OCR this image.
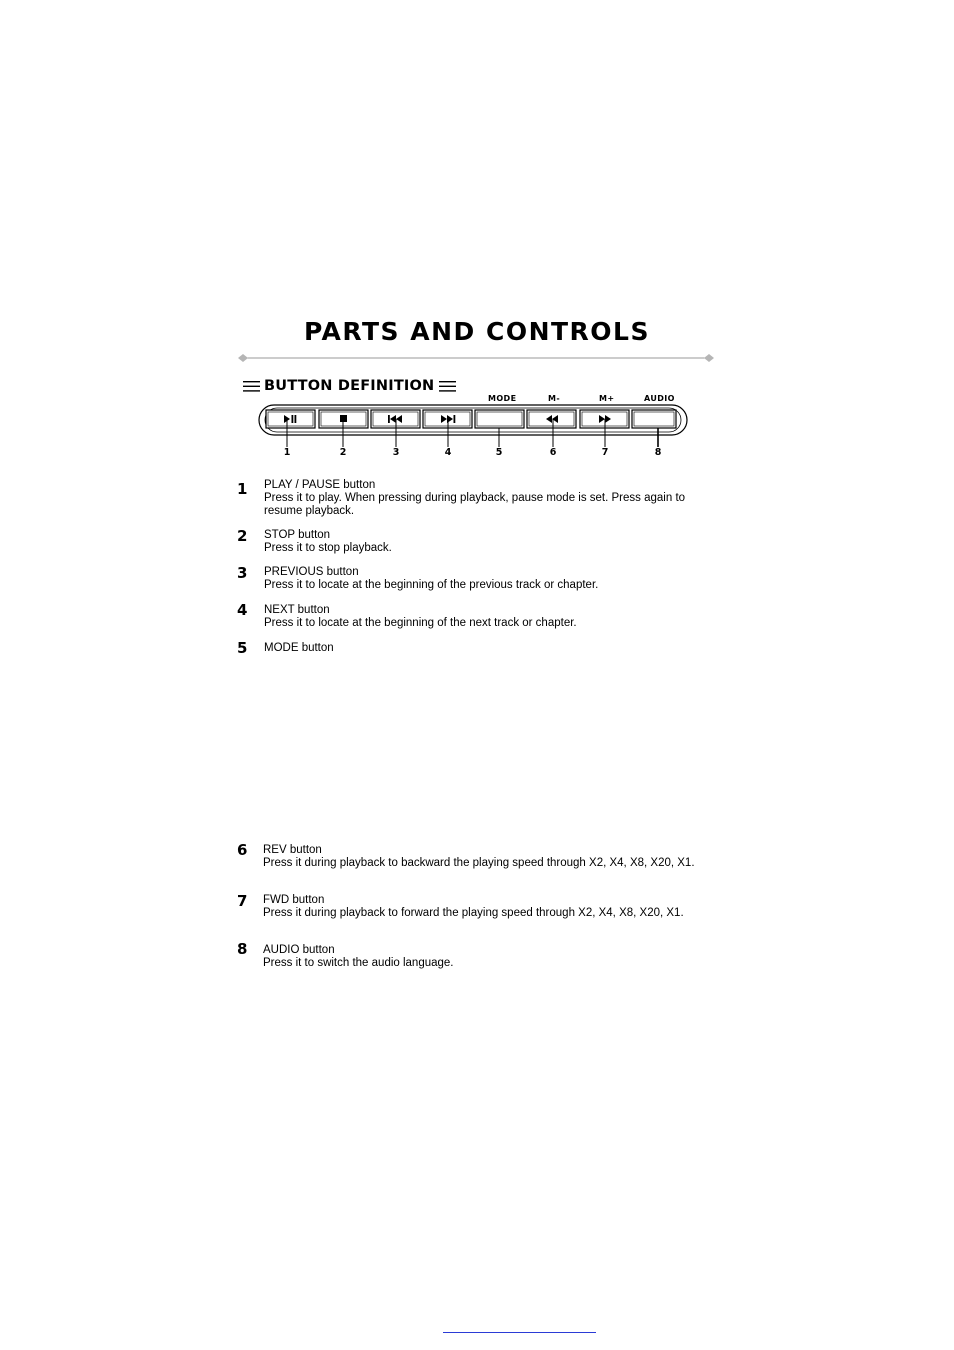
PARTS AND CONTROLS
BUTTON DEFINITION
MODE	M-	M+	AUDIO
1	2	3	4	5	6	7	8
1	PLAY / PAUSE button
Press it to play. When pressing during playback, pause mode is set. Press again to resume playback.
2	STOP button
Press it to stop playback.
3	PREVIOUS button
Press it to locate at the beginning of the previous track or chapter.
4	NEXT button
Press it to locate at the beginning of the next track or chapter.
5	MODE button
6	REV button
Press it during playback to backward the playing speed through X2, X4, X8, X20, X1.
7	FWD button
Press it during playback to forward the playing speed through X2, X4, X8, X20, X1.
8	AUDIO button
Press it to switch the audio language.
